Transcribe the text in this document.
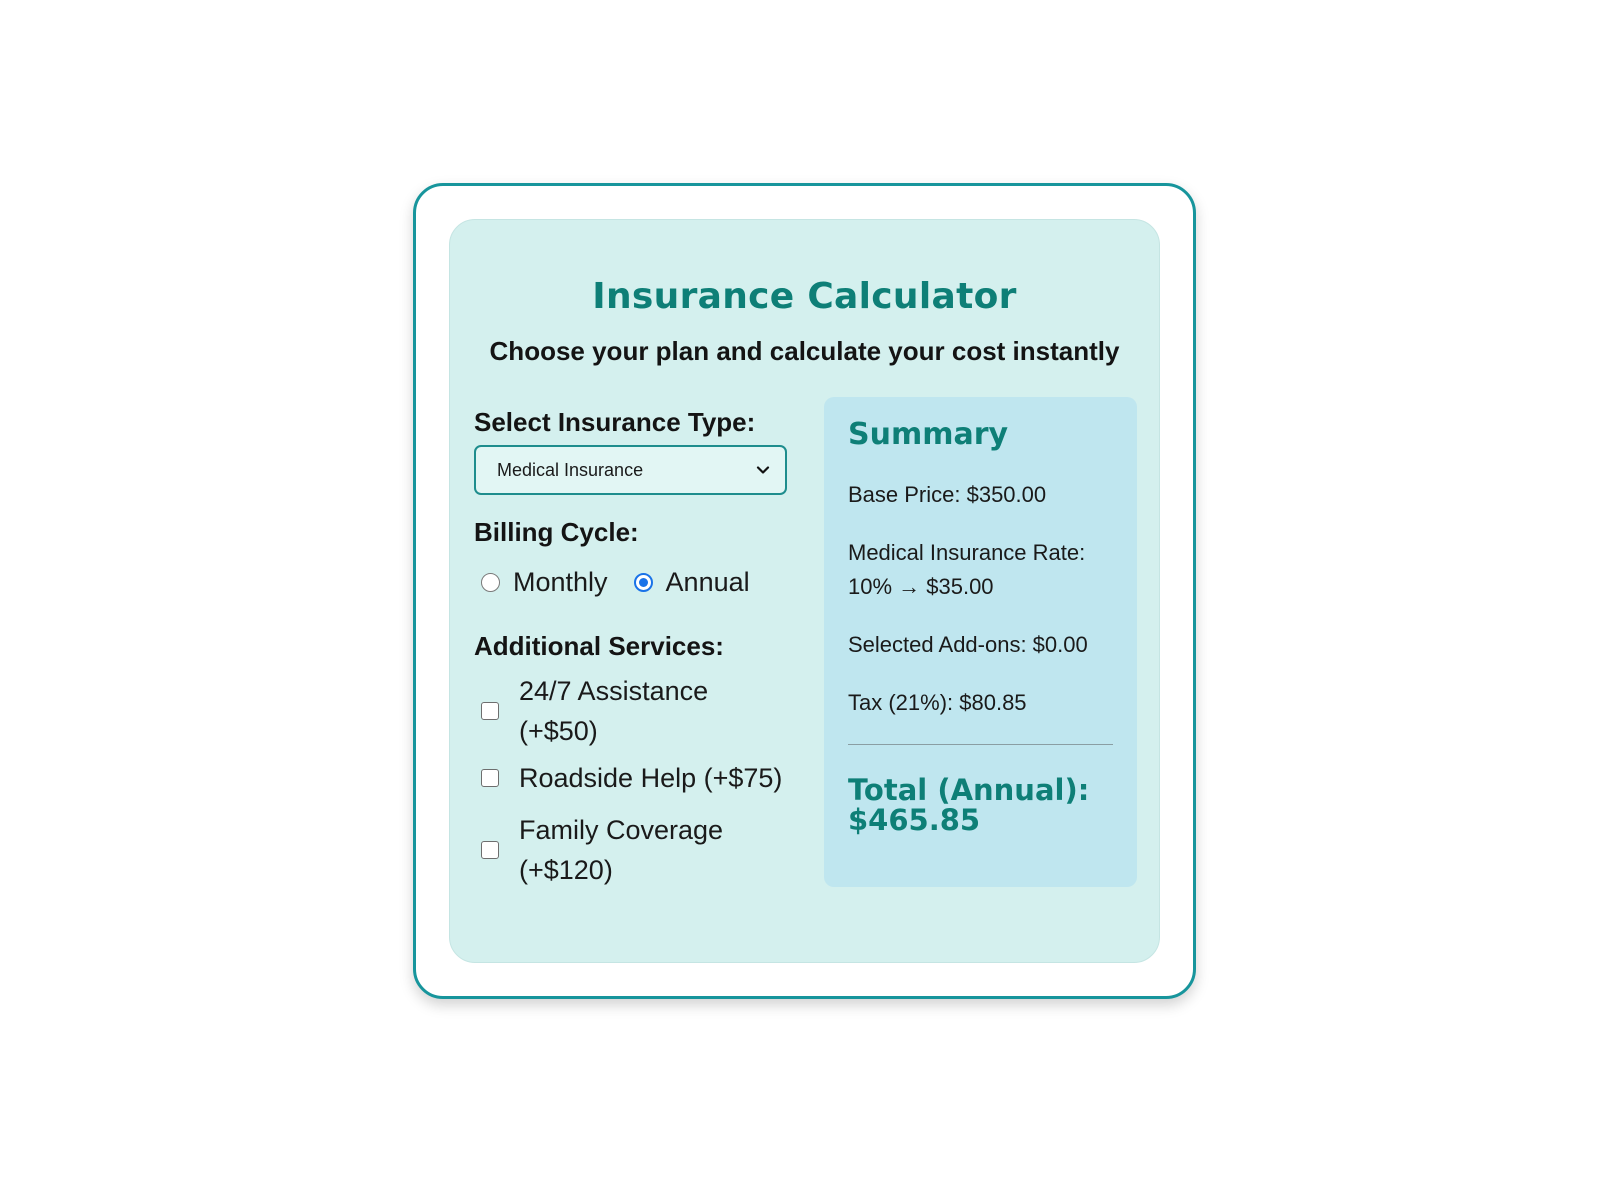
Insurance Calculator
Choose your plan and calculate your cost instantly
Select Insurance Type:
Medical Insurance
Billing Cycle:
Monthly Annual
Additional Services:
24/7 Assistance (+$50)
Roadside Help (+$75)
Family Coverage (+$120)
Summary
Base Price: $350.00
Medical Insurance Rate:
10% → $35.00
Selected Add-ons: $0.00
Tax (21%): $80.85
Total (Annual):
$465.85
